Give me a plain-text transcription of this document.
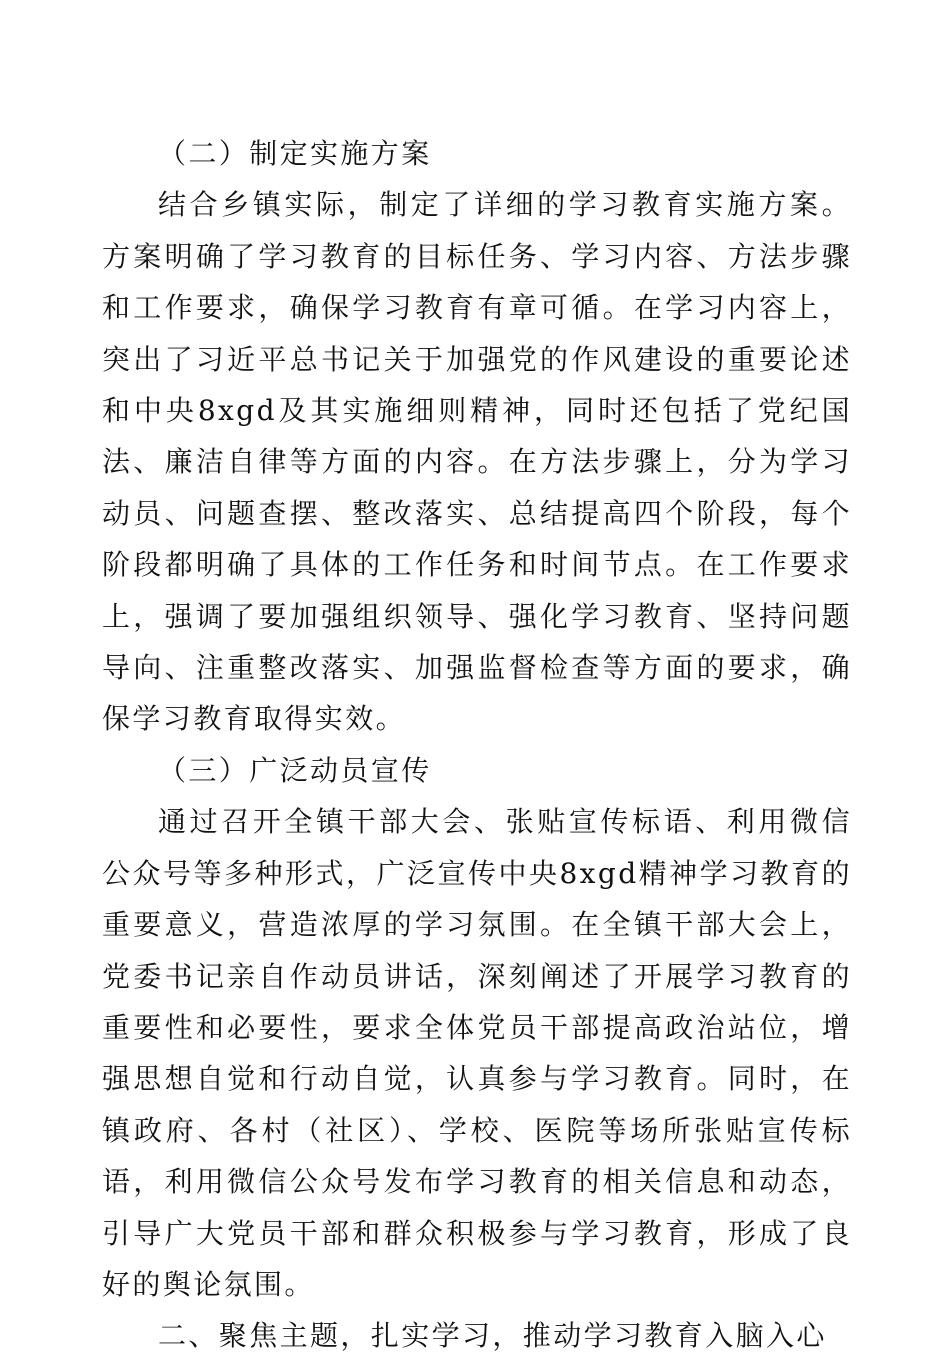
（二）制定实施方案

结合乡镇实际，制定了详细的学习教育实施方案。方案明确了学习教育的目标任务、学习内容、方法步骤和工作要求，确保学习教育有章可循。在学习内容上，突出了习近平总书记关于加强党的作风建设的重要论述和中央8xgd及其实施细则精神，同时还包括了党纪国法、廉洁自律等方面的内容。在方法步骤上，分为学习动员、问题查摆、整改落实、总结提高四个阶段，每个阶段都明确了具体的工作任务和时间节点。在工作要求上，强调了要加强组织领导、强化学习教育、坚持问题导向、注重整改落实、加强监督检查等方面的要求，确保学习教育取得实效。

（三）广泛动员宣传

通过召开全镇干部大会、张贴宣传标语、利用微信公众号等多种形式，广泛宣传中央8xgd精神学习教育的重要意义，营造浓厚的学习氛围。在全镇干部大会上，党委书记亲自作动员讲话，深刻阐述了开展学习教育的重要性和必要性，要求全体党员干部提高政治站位，增强思想自觉和行动自觉，认真参与学习教育。同时，在镇政府、各村（社区）、学校、医院等场所张贴宣传标语，利用微信公众号发布学习教育的相关信息和动态，引导广大党员干部和群众积极参与学习教育，形成了良好的舆论氛围。

二、聚焦主题，扎实学习，推动学习教育入脑入心
